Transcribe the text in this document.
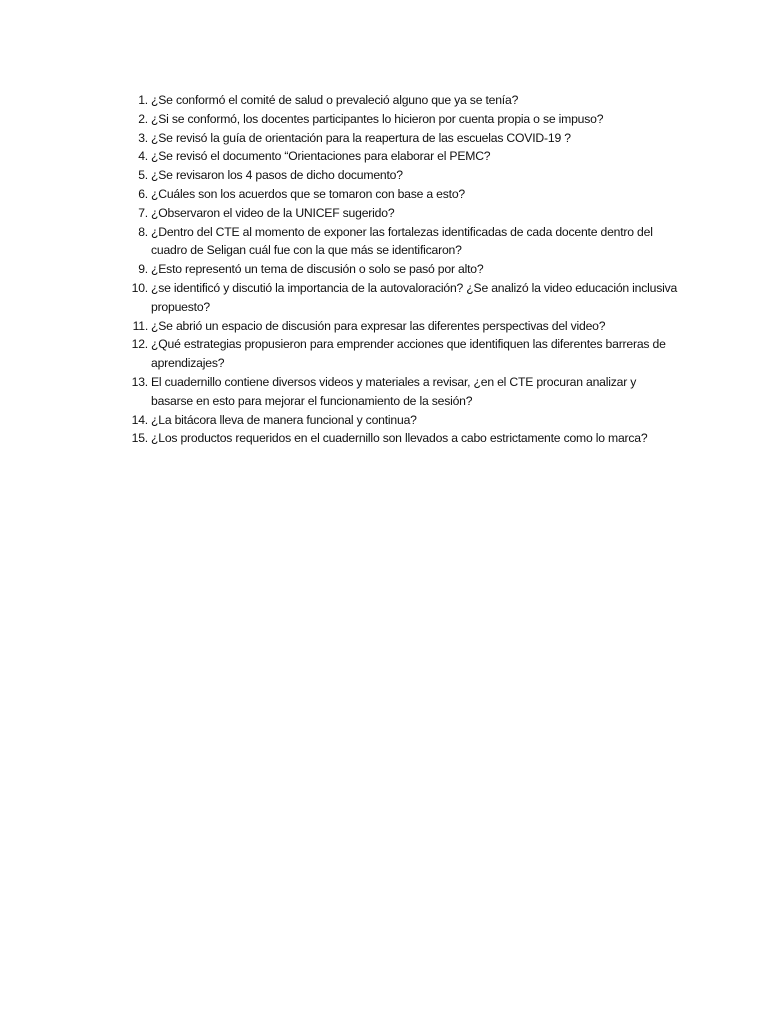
1. ¿Se conformó el comité de salud o prevaleció alguno que ya se tenía?
2. ¿Si se conformó, los docentes participantes lo hicieron por cuenta propia o se impuso?
3. ¿Se revisó la guía de orientación para la reapertura de las escuelas COVID-19 ?
4. ¿Se revisó el documento “Orientaciones para elaborar el PEMC?
5. ¿Se revisaron los 4 pasos de dicho documento?
6. ¿Cuáles son los acuerdos que se tomaron con base a esto?
7. ¿Observaron el video de la UNICEF sugerido?
8. ¿Dentro del CTE al momento de exponer las fortalezas identificadas de cada docente dentro del cuadro de Seligan cuál fue con la que más se identificaron?
9. ¿Esto representó un tema de discusión o solo se pasó por alto?
10. ¿se identificó y discutió la importancia de la autovaloración? ¿Se analizó la video educación inclusiva propuesto?
11. ¿Se abrió un espacio de discusión para expresar las diferentes perspectivas del video?
12. ¿Qué estrategias propusieron para emprender acciones que identifiquen las diferentes barreras de aprendizajes?
13. El cuadernillo contiene diversos videos y materiales a revisar, ¿en el CTE procuran analizar y basarse en esto para mejorar el funcionamiento de la sesión?
14. ¿La bitácora lleva de manera funcional y continua?
15. ¿Los productos requeridos en el cuadernillo son llevados a cabo estrictamente como lo marca?
